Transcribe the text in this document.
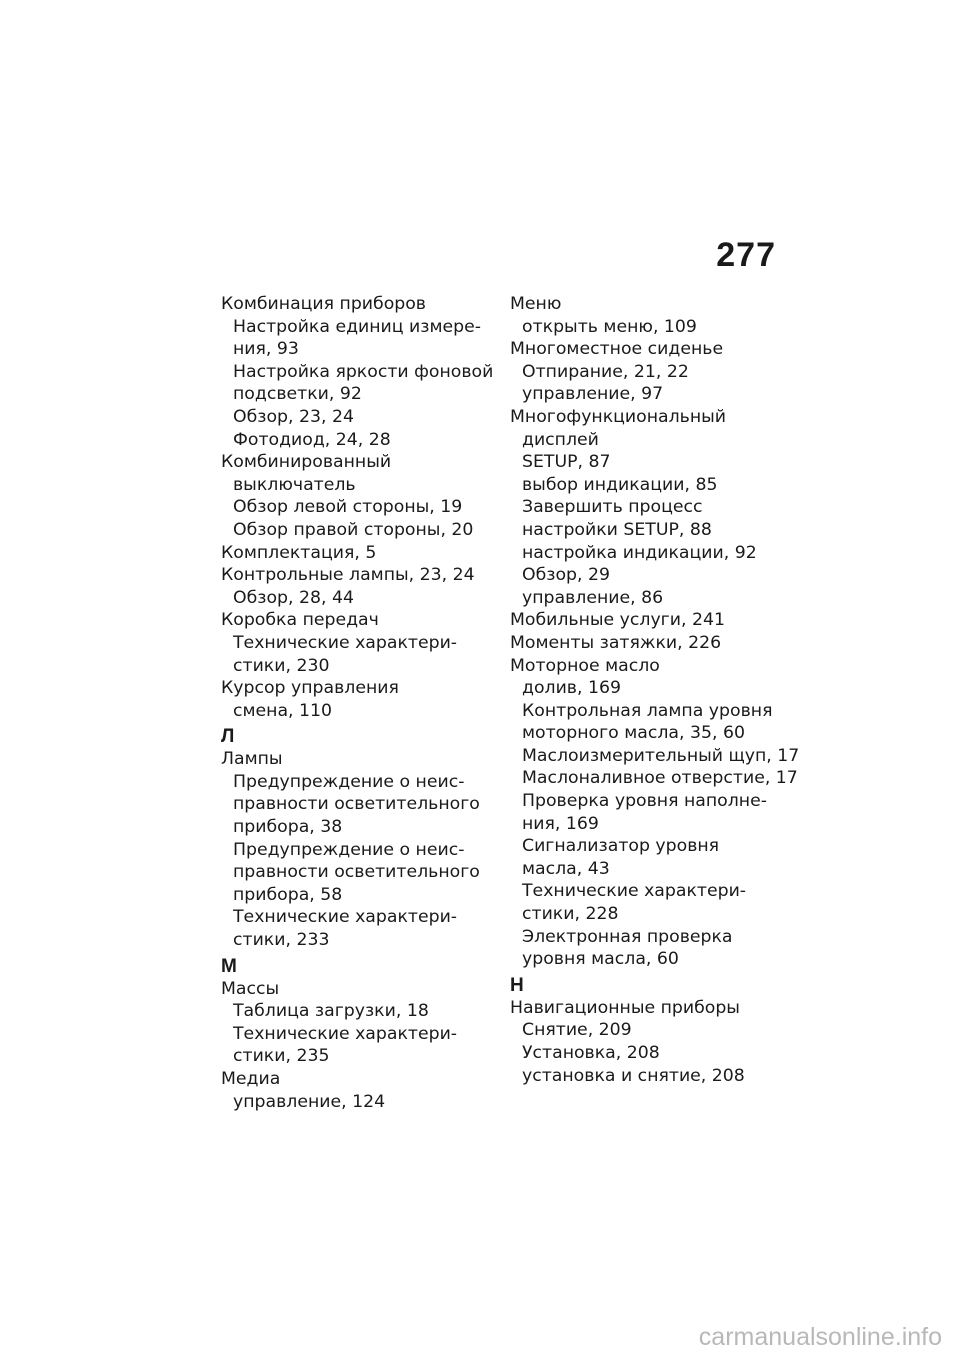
277
Комбинация приборов
Настройка единиц измере-
ния, 93
Настройка яркости фоновой
подсветки, 92
Обзор, 23, 24
Фотодиод, 24, 28
Комбинированный
выключатель
Обзор левой стороны, 19
Обзор правой стороны, 20
Комплектация, 5
Контрольные лампы, 23, 24
Обзор, 28, 44
Коробка передач
Технические характери-
стики, 230
Курсор управления
смена, 110
Л
Лампы
Предупреждение о неис-
правности осветительного
прибора, 38
Предупреждение о неис-
правности осветительного
прибора, 58
Технические характери-
стики, 233
М
Массы
Таблица загрузки, 18
Технические характери-
стики, 235
Медиа
управление, 124
Меню
открыть меню, 109
Многоместное сиденье
Отпирание, 21, 22
управление, 97
Многофункциональный
дисплей
SETUP, 87
выбор индикации, 85
Завершить процесс
настройки SETUP, 88
настройка индикации, 92
Обзор, 29
управление, 86
Мобильные услуги, 241
Моменты затяжки, 226
Моторное масло
долив, 169
Контрольная лампа уровня
моторного масла, 35, 60
Маслоизмерительный щуп, 17
Маслоналивное отверстие, 17
Проверка уровня наполне-
ния, 169
Сигнализатор уровня
масла, 43
Технические характери-
стики, 228
Электронная проверка
уровня масла, 60
Н
Навигационные приборы
Снятие, 209
Установка, 208
установка и снятие, 208
carmanualsonline.info
